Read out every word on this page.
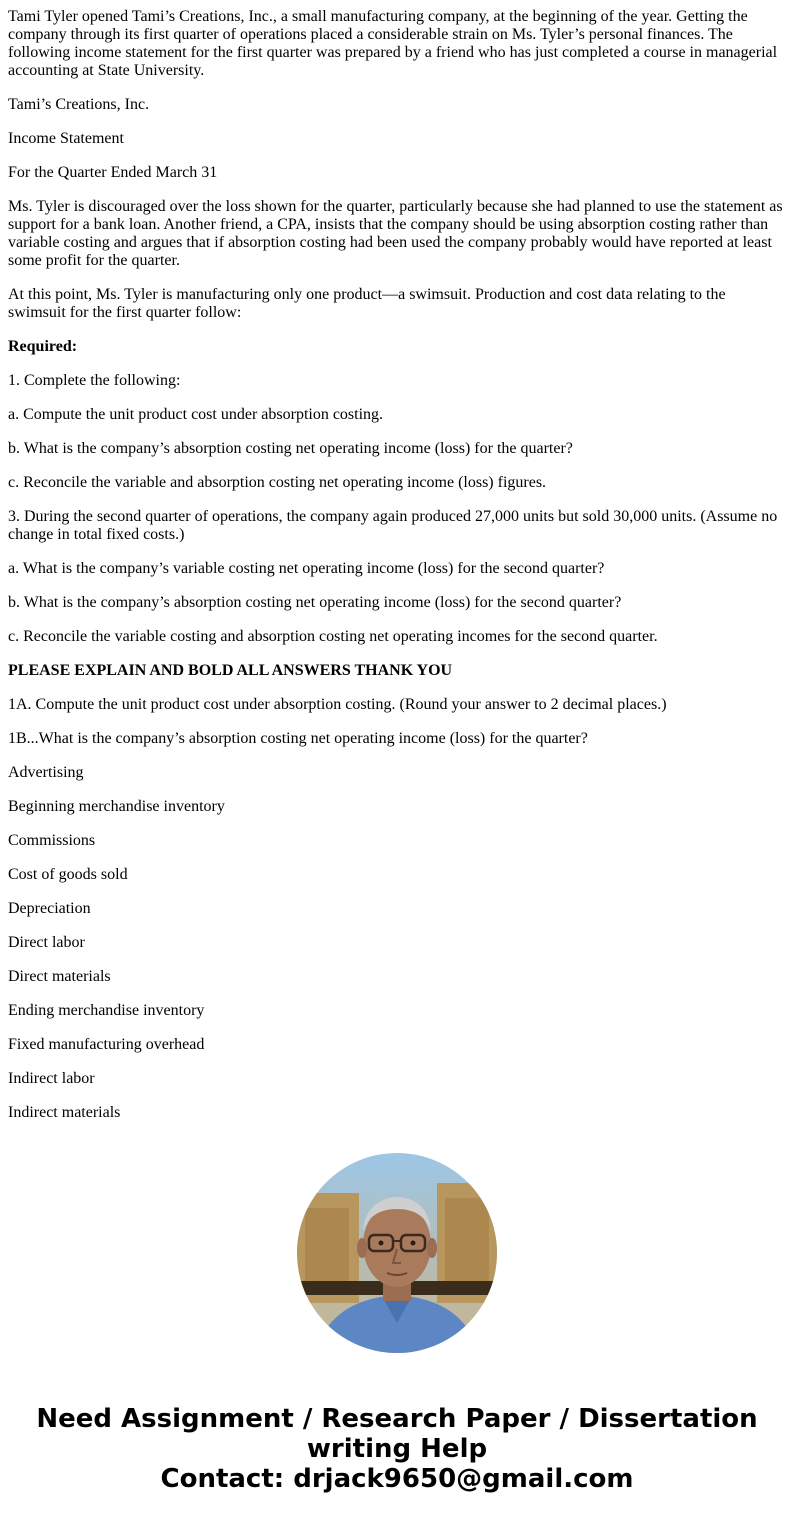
Tami Tyler opened Tami’s Creations, Inc., a small manufacturing company, at the beginning of the year. Getting the company through its first quarter of operations placed a considerable strain on Ms. Tyler’s personal finances. The following income statement for the first quarter was prepared by a friend who has just completed a course in managerial accounting at State University.

Tami’s Creations, Inc.

Income Statement

For the Quarter Ended March 31

Ms. Tyler is discouraged over the loss shown for the quarter, particularly because she had planned to use the statement as support for a bank loan. Another friend, a CPA, insists that the company should be using absorption costing rather than variable costing and argues that if absorption costing had been used the company probably would have reported at least some profit for the quarter.

At this point, Ms. Tyler is manufacturing only one product—a swimsuit. Production and cost data relating to the swimsuit for the first quarter follow:

Required:

1. Complete the following:

a. Compute the unit product cost under absorption costing.

b. What is the company’s absorption costing net operating income (loss) for the quarter?

c. Reconcile the variable and absorption costing net operating income (loss) figures.

3. During the second quarter of operations, the company again produced 27,000 units but sold 30,000 units. (Assume no change in total fixed costs.)

a. What is the company’s variable costing net operating income (loss) for the second quarter?

b. What is the company’s absorption costing net operating income (loss) for the second quarter?

c. Reconcile the variable costing and absorption costing net operating incomes for the second quarter.

PLEASE EXPLAIN AND BOLD ALL ANSWERS THANK YOU

1A. Compute the unit product cost under absorption costing. (Round your answer to 2 decimal places.)

1B...What is the company’s absorption costing net operating income (loss) for the quarter?

Advertising

Beginning merchandise inventory

Commissions

Cost of goods sold

Depreciation

Direct labor

Direct materials

Ending merchandise inventory

Fixed manufacturing overhead

Indirect labor

Indirect materials

Need Assignment / Research Paper / Dissertation
writing Help
Contact: drjack9650@gmail.com
